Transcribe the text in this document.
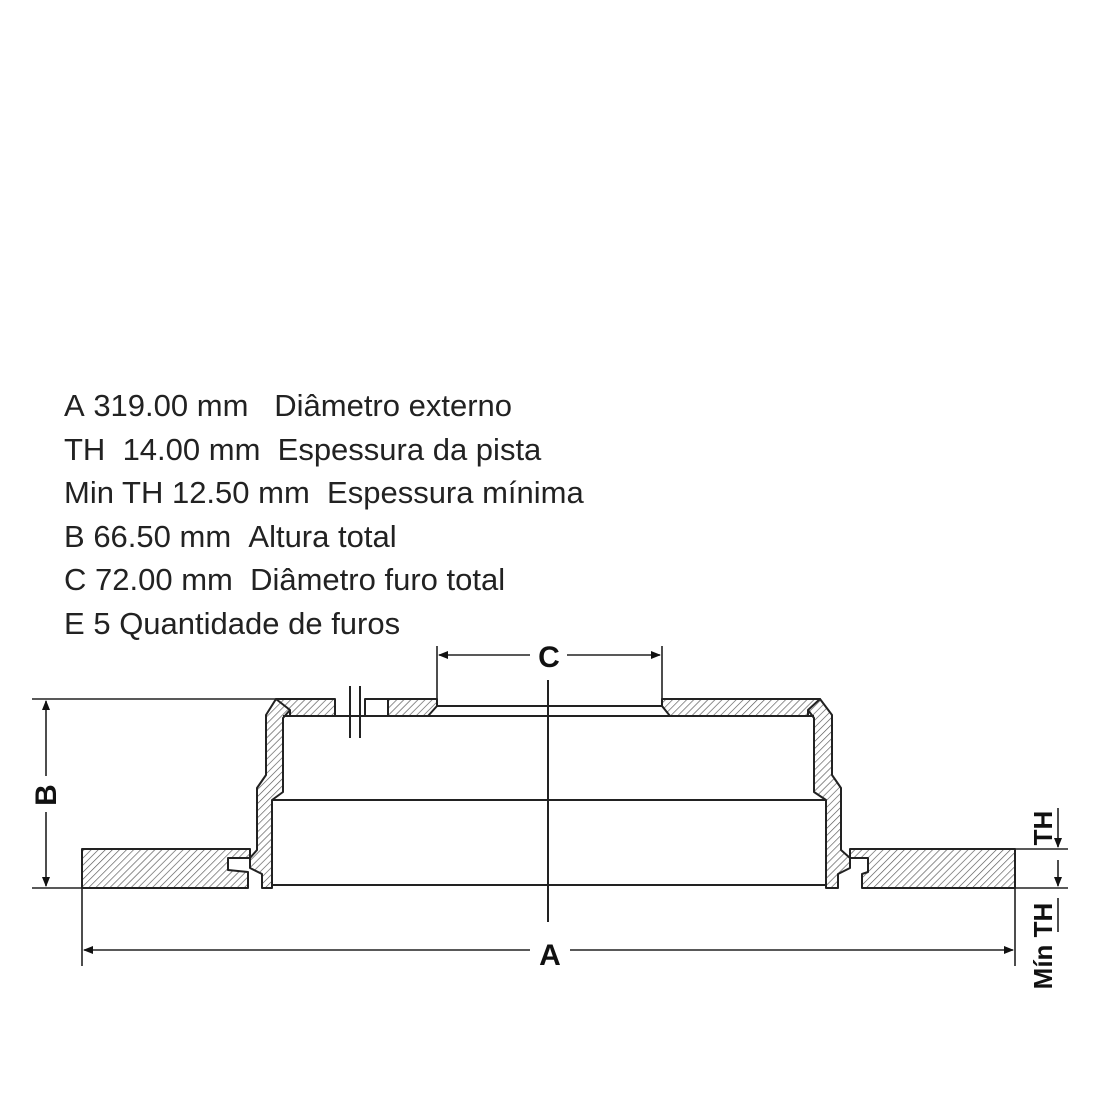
A 319.00 mm Diâmetro externo
TH 14.00 mm Espessura da pista
Min TH 12.50 mm Espessura mínima
B 66.50 mm Altura total
C 72.00 mm Diâmetro furo total
E 5 Quantidade de furos
A
B
C
TH
Mín TH
